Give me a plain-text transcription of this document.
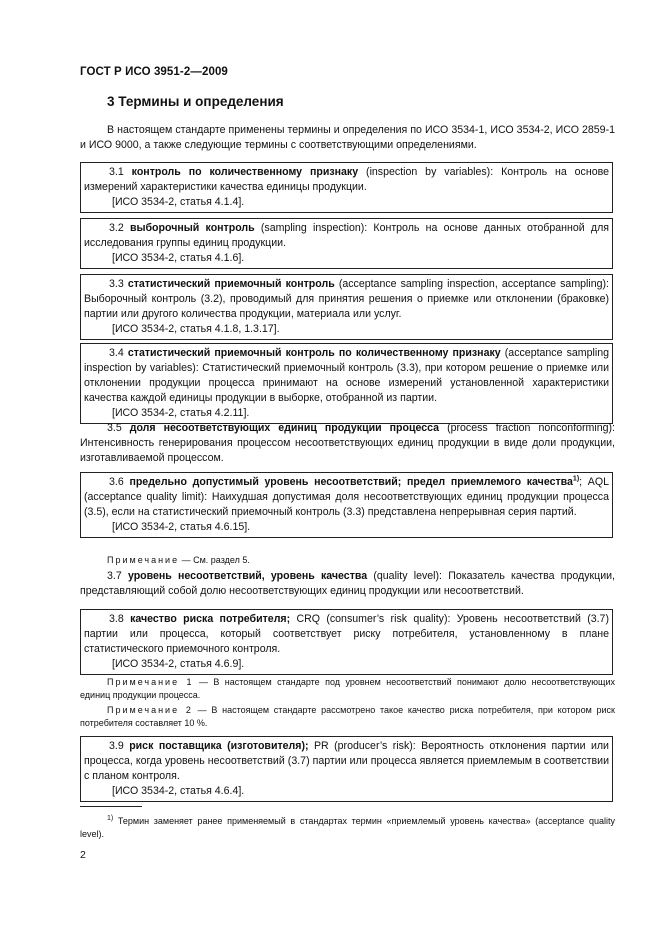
ГОСТ Р ИСО 3951-2—2009
3 Термины и определения
В настоящем стандарте применены термины и определения по ИСО 3534-1, ИСО 3534-2, ИСО 2859-1 и ИСО 9000, а также следующие термины с соответствующими определениями.
3.1 контроль по количественному признаку (inspection by variables): Контроль на основе измерений характеристики качества единицы продукции.
[ИСО 3534-2, статья 4.1.4].
3.2 выборочный контроль (sampling inspection): Контроль на основе данных отобранной для исследования группы единиц продукции.
[ИСО 3534-2, статья 4.1.6].
3.3 статистический приемочный контроль (acceptance sampling inspection, acceptance sampling): Выборочный контроль (3.2), проводимый для принятия решения о приемке или отклонении (браковке) партии или другого количества продукции, материала или услуг.
[ИСО 3534-2, статья 4.1.8, 1.3.17].
3.4 статистический приемочный контроль по количественному признаку (acceptance sampling inspection by variables): Статистический приемочный контроль (3.3), при котором решение о приемке или отклонении продукции процесса принимают на основе измерений установленной характеристики качества каждой единицы продукции в выборке, отобранной из партии.
[ИСО 3534-2, статья 4.2.11].
3.5 доля несоответствующих единиц продукции процесса (process fraction nonconforming): Интенсивность генерирования процессом несоответствующих единиц продукции в виде доли продукции, изготавливаемой процессом.
3.6 предельно допустимый уровень несоответствий; предел приемлемого качества$^{1)}$; AQL (acceptance quality limit): Наихудшая допустимая доля несоответствующих единиц продукции процесса (3.5), если на статистический приемочный контроль (3.3) представлена непрерывная серия партий.
[ИСО 3534-2, статья 4.6.15].
Примечание — См. раздел 5.
3.7 уровень несоответствий, уровень качества (quality level): Показатель качества продукции, представляющий собой долю несоответствующих единиц продукции или несоответствий.
3.8 качество риска потребителя; CRQ (consumer’s risk quality): Уровень несоответствий (3.7) партии или процесса, который соответствует риску потребителя, установленному в плане статистического приемочного контроля.
[ИСО 3534-2, статья 4.6.9].
Примечание 1 — В настоящем стандарте под уровнем несоответствий понимают долю несоответствующих единиц продукции процесса.
Примечание 2 — В настоящем стандарте рассмотрено такое качество риска потребителя, при котором риск потребителя составляет 10 %.
3.9 риск поставщика (изготовителя); PR (producer’s risk): Вероятность отклонения партии или процесса, когда уровень несоответствий (3.7) партии или процесса является приемлемым в соответствии с планом контроля.
[ИСО 3534-2, статья 4.6.4].
$^{1)}$ Термин заменяет ранее применяемый в стандартах термин «приемлемый уровень качества» (acceptance quality level).
2
